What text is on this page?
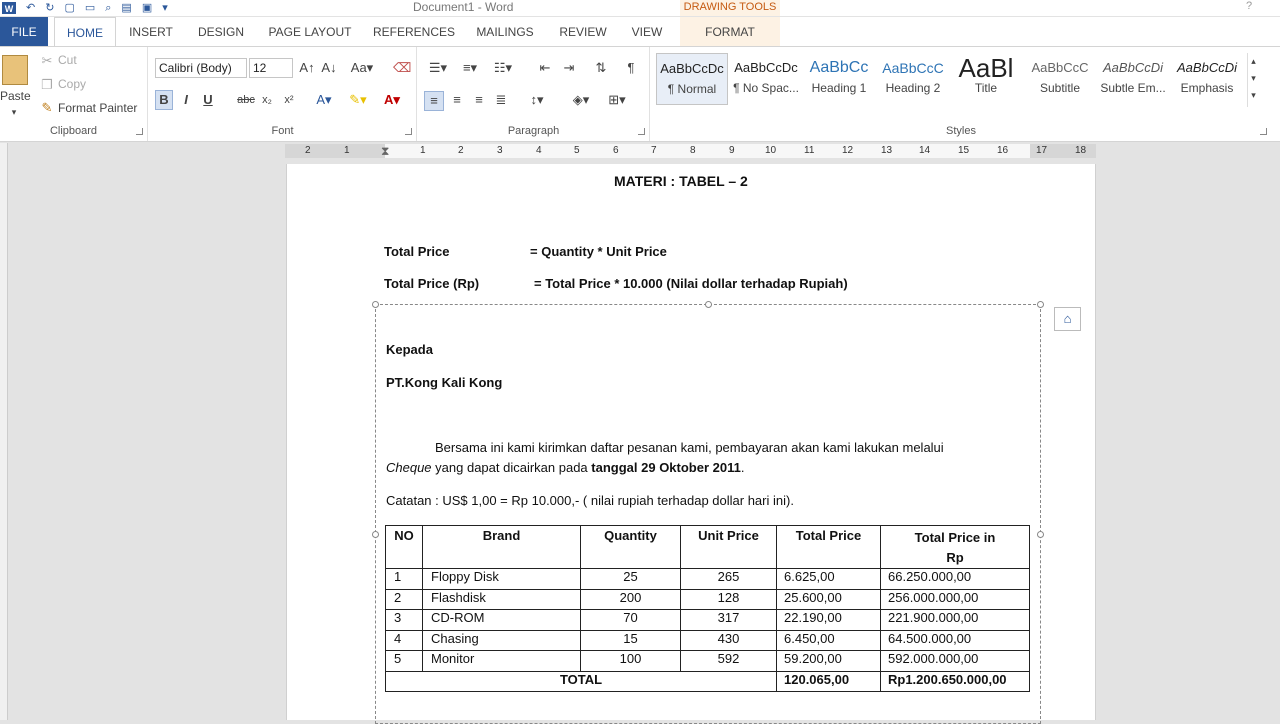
W ↶ ↻ ▢ ▭ ⌕ ▤ ▣ ▾	Document1 - Word	DRAWING TOOLS	?
FILE	HOME	INSERT	DESIGN	PAGE LAYOUT	REFERENCES	MAILINGS	REVIEW	VIEW	FORMAT
Paste
▾
✂ Cut
❐ Copy
✎ Format Painter
Clipboard
Calibri (Body)	12	A↑ A↓ Aa▾ ⌫
B	I	U abc x₂	x² A▾	✎▾	A▾
Font
☰▾	≡▾	☷▾	⇤ ⇥ ⇅ ¶
≡	≡	≡ ≣	↕▾	◈▾	⊞▾
Paragraph
AaBbCcDc
¶ Normal
AaBbCcDc
¶ No Spac...
AaBbCc
Heading 1
AaBbCcC
Heading 2
AaBl
Title
AaBbCcC
Subtitle
AaBbCcDi
Subtle Em...
AaBbCcDi
Emphasis
▴
▾
▾
Styles
2	1	⧗	1	2	3	4	5	6	7	8	9	10	11	12	13	14	15	16	17	18
MATERI : TABEL – 2
Total Price	= Quantity * Unit Price
Total Price (Rp)	= Total Price * 10.000 (Nilai dollar terhadap Rupiah)
⌂
Kepada
PT.Kong Kali Kong
Bersama ini kami kirimkan daftar pesanan kami, pembayaran akan kami lakukan melalui
Cheque yang dapat dicairkan pada tanggal 29 Oktober 2011.
Catatan : US$ 1,00 = Rp 10.000,- ( nilai rupiah terhadap dollar hari ini).
NO	Brand	Quantity	Unit Price	Total Price	Total Price in
Rp
1	Floppy Disk	25	265	6.625,00	66.250.000,00
2	Flashdisk	200	128	25.600,00	256.000.000,00
3	CD-ROM	70	317	22.190,00	221.900.000,00
4	Chasing	15	430	6.450,00	64.500.000,00
5	Monitor	100	592	59.200,00	592.000.000,00
TOTAL				120.065,00	Rp1.200.650.000,00
